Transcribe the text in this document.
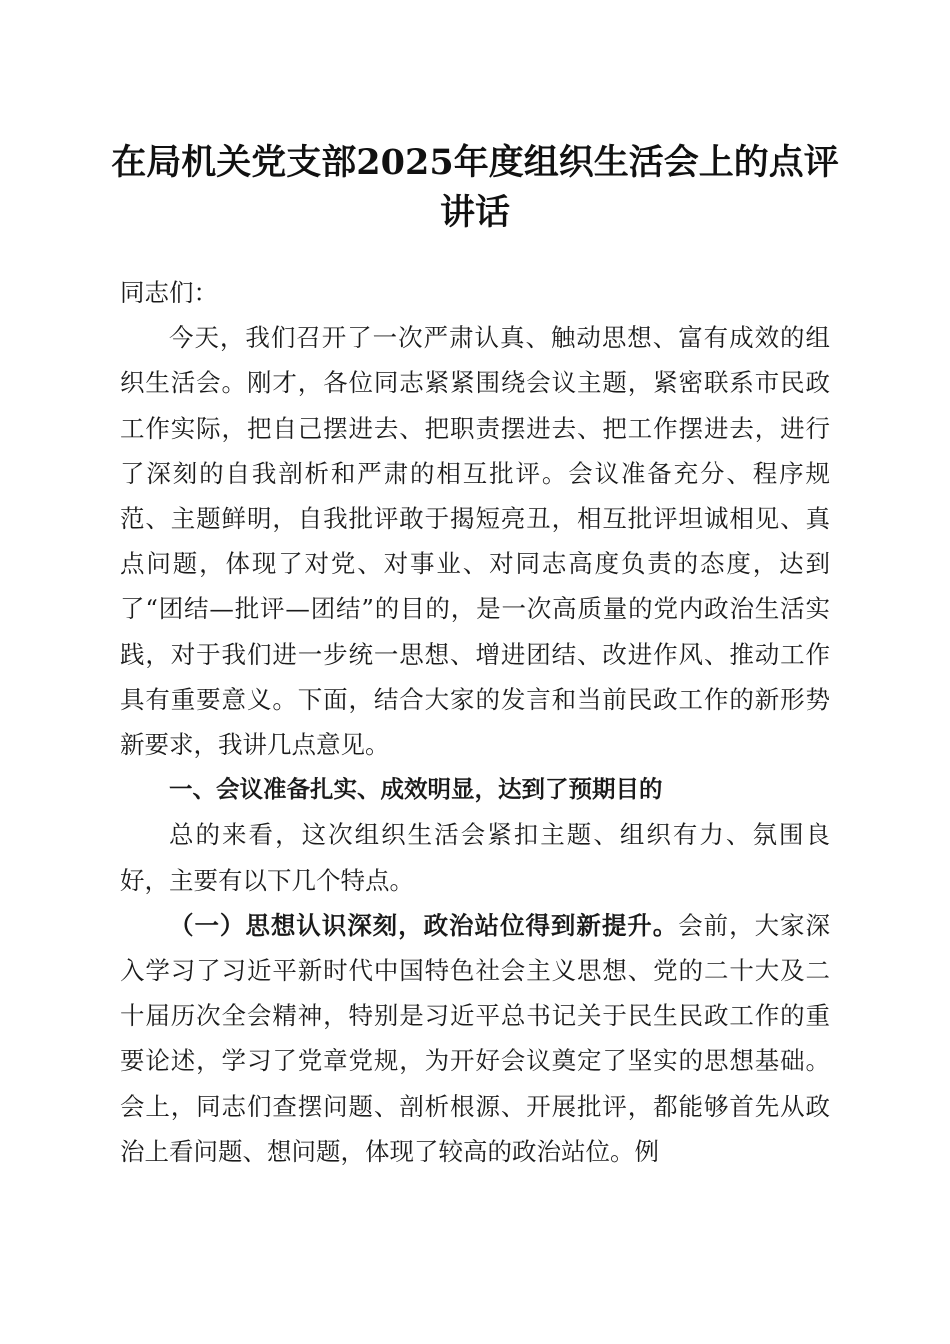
在局机关党支部2025年度组织生活会上的点评讲话

同志们：

今天，我们召开了一次严肃认真、触动思想、富有成效的组织生活会。刚才，各位同志紧紧围绕会议主题，紧密联系市民政工作实际，把自己摆进去、把职责摆进去、把工作摆进去，进行了深刻的自我剖析和严肃的相互批评。会议准备充分、程序规范、主题鲜明，自我批评敢于揭短亮丑，相互批评坦诚相见、真点问题，体现了对党、对事业、对同志高度负责的态度，达到了“团结—批评—团结”的目的，是一次高质量的党内政治生活实践，对于我们进一步统一思想、增进团结、改进作风、推动工作具有重要意义。下面，结合大家的发言和当前民政工作的新形势新要求，我讲几点意见。

一、会议准备扎实、成效明显，达到了预期目的

总的来看，这次组织生活会紧扣主题、组织有力、氛围良好，主要有以下几个特点。

（一）思想认识深刻，政治站位得到新提升。会前，大家深入学习了习近平新时代中国特色社会主义思想、党的二十大及二十届历次全会精神，特别是习近平总书记关于民生民政工作的重要论述，学习了党章党规，为开好会议奠定了坚实的思想基础。会上，同志们查摆问题、剖析根源、开展批评，都能够首先从政治上看问题、想问题，体现了较高的政治站位。例
